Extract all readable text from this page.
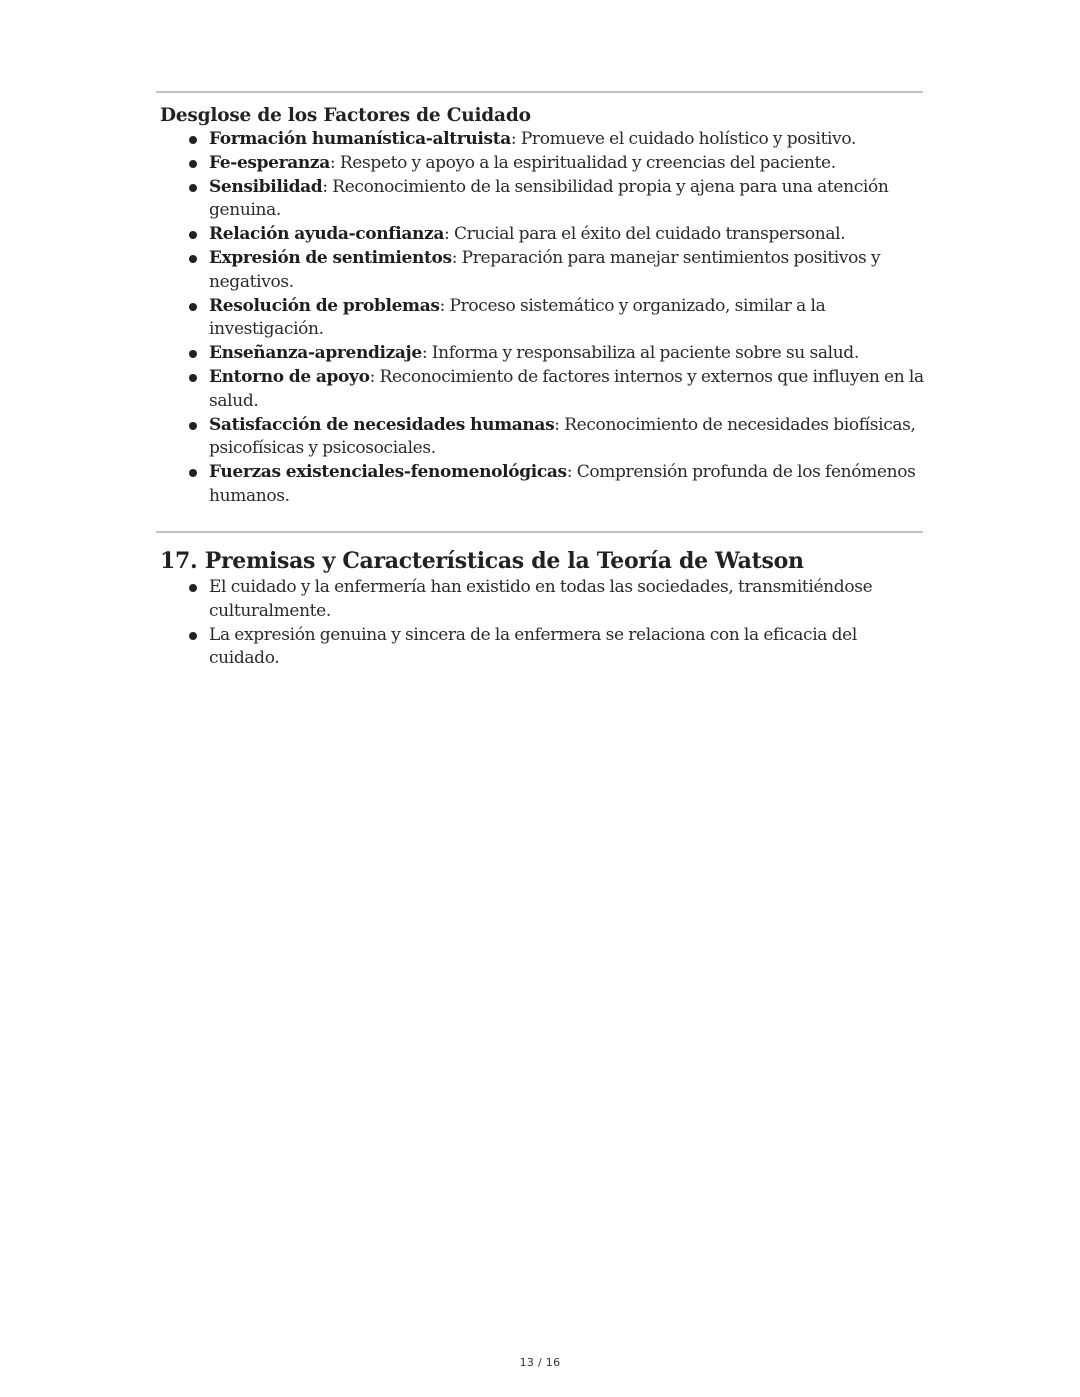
Desglose de los Factores de Cuidado
Formación humanística-altruista: Promueve el cuidado holístico y positivo.
Fe-esperanza: Respeto y apoyo a la espiritualidad y creencias del paciente.
Sensibilidad: Reconocimiento de la sensibilidad propia y ajena para una atención genuina.
Relación ayuda-confianza: Crucial para el éxito del cuidado transpersonal.
Expresión de sentimientos: Preparación para manejar sentimientos positivos y negativos.
Resolución de problemas: Proceso sistemático y organizado, similar a la investigación.
Enseñanza-aprendizaje: Informa y responsabiliza al paciente sobre su salud.
Entorno de apoyo: Reconocimiento de factores internos y externos que influyen en la salud.
Satisfacción de necesidades humanas: Reconocimiento de necesidades biofísicas, psicofísicas y psicosociales.
Fuerzas existenciales-fenomenológicas: Comprensión profunda de los fenómenos humanos.
17. Premisas y Características de la Teoría de Watson
El cuidado y la enfermería han existido en todas las sociedades, transmitiéndose culturalmente.
La expresión genuina y sincera de la enfermera se relaciona con la eficacia del cuidado.
13 / 16
